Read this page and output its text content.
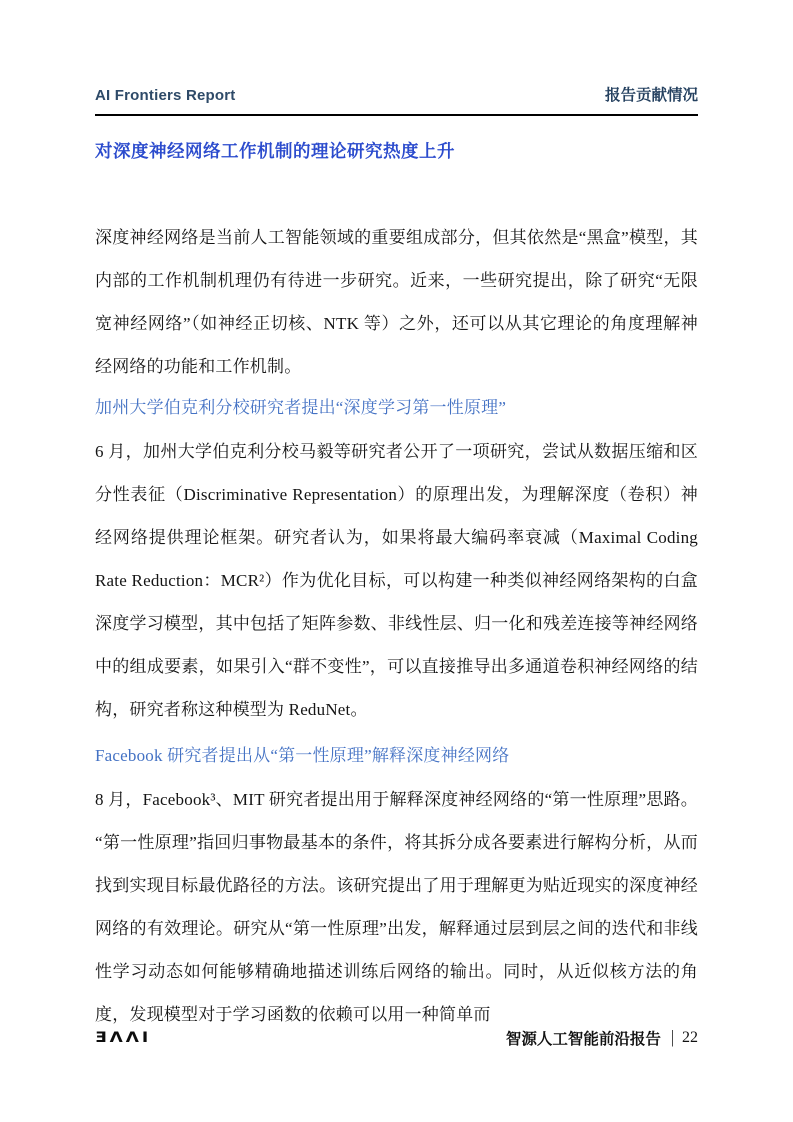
AI Frontiers Report	报告贡献情况
对深度神经网络工作机制的理论研究热度上升

深度神经网络是当前人工智能领域的重要组成部分，但其依然是“黑盒”模型，其内部的工作机制机理仍有待进一步研究。近来，一些研究提出，除了研究“无限宽神经网络”（如神经正切核、NTK 等）之外，还可以从其它理论的角度理解神经网络的功能和工作机制。

加州大学伯克利分校研究者提出“深度学习第一性原理”

6 月，加州大学伯克利分校马毅等研究者公开了一项研究，尝试从数据压缩和区分性表征（Discriminative Representation）的原理出发，为理解深度（卷积）神经网络提供理论框架。研究者认为，如果将最大编码率衰减（Maximal Coding Rate Reduction：MCR²）作为优化目标，可以构建一种类似神经网络架构的白盒深度学习模型，其中包括了矩阵参数、非线性层、归一化和残差连接等神经网络中的组成要素，如果引入“群不变性”，可以直接推导出多通道卷积神经网络的结构，研究者称这种模型为 ReduNet。

Facebook 研究者提出从“第一性原理”解释深度神经网络

8 月，Facebook³、MIT 研究者提出用于解释深度神经网络的“第一性原理”思路。“第一性原理”指回归事物最基本的条件，将其拆分成各要素进行解构分析，从而找到实现目标最优路径的方法。该研究提出了用于理解更为贴近现实的深度神经网络的有效理论。研究从“第一性原理”出发，解释通过层到层之间的迭代和非线性学习动态如何能够精确地描述训练后网络的输出。同时，从近似核方法的角度，发现模型对于学习函数的依赖可以用一种简单而

ƎΛΛI	智源人工智能前沿报告 | 22
